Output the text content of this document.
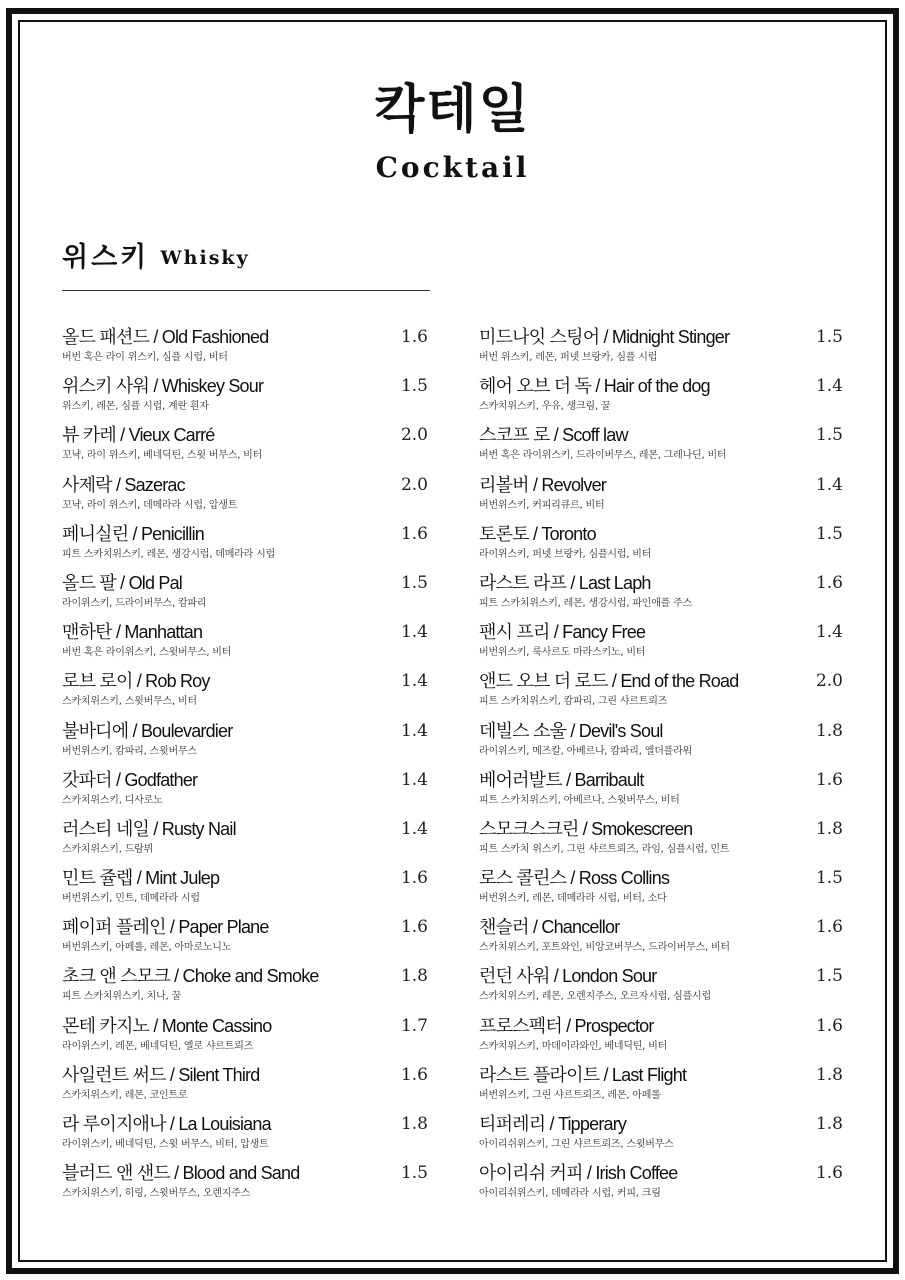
칵테일
Cocktail
위스키 Whisky
올드 패션드 / Old Fashioned	1.6
버번 혹은 라이 위스키, 심플 시럽, 비터
위스키 사워 / Whiskey Sour	1.5
위스키, 레몬, 심플 시럽, 계란 흰자
뷰 카레 / Vieux Carré	2.0
꼬냑, 라이 위스키, 베네딕틴, 스윗 버무스, 비터
사제락 / Sazerac	2.0
꼬냑, 라이 위스키, 데메라라 시럽, 압생트
페니실린 / Penicillin	1.6
피트 스카치위스키, 레몬, 생강시럽, 데메라라 시럽
올드 팔 / Old Pal	1.5
라이위스키, 드라이버무스, 캄파리
맨하탄 / Manhattan	1.4
버번 혹은 라이위스키, 스윗버무스, 비터
로브 로이 / Rob Roy	1.4
스카치위스키, 스윗버무스, 비터
불바디에 / Boulevardier	1.4
버번위스키, 캄파리, 스윗버무스
갓파더 / Godfather	1.4
스카치위스키, 디사로노
러스티 네일 / Rusty Nail	1.4
스카치위스키, 드람뷔
민트 쥴렙 / Mint Julep	1.6
버번위스키, 민트, 데메라라 시럽
페이퍼 플레인 / Paper Plane	1.6
버번위스키, 아페롤, 레몬, 아마로노니노
초크 앤 스모크 / Choke and Smoke	1.8
피트 스카치위스키, 치나, 꿀
몬테 카지노 / Monte Cassino	1.7
라이위스키, 레몬, 베네딕틴, 옐로 샤르트뢰즈
사일런트 써드 / Silent Third	1.6
스카치위스키, 레몬, 코인트로
라 루이지애나 / La Louisiana	1.8
라이위스키, 베네딕틴, 스윗 버무스, 비터, 압생트
블러드 앤 샌드 / Blood and Sand	1.5
스카치위스키, 히링, 스윗버무스, 오렌지주스
미드나잇 스팅어 / Midnight Stinger	1.5
버번 위스키, 레몬, 퍼넷 브랑카, 심플 시럽
헤어 오브 더 독 / Hair of the dog	1.4
스카치위스키, 우유, 생크림, 꿀
스코프 로 / Scoff law	1.5
버번 혹은 라이위스키, 드라이버무스, 레몬, 그레나딘, 비터
리볼버 / Revolver	1.4
버번위스키, 커피리큐르, 비터
토론토 / Toronto	1.5
라이위스키, 퍼넷 브랑카, 심플시럽, 비터
라스트 라프 / Last Laph	1.6
피트 스카치위스키, 레몬, 생강시럽, 파인애플 주스
팬시 프리 / Fancy Free	1.4
버번위스키, 룩사르도 마라스키노, 비터
앤드 오브 더 로드 / End of the Road	2.0
피트 스카치위스키, 캄파리, 그린 샤르트뢰즈
데빌스 소울 / Devil's Soul	1.8
라이위스키, 메즈칼, 아베르나, 캄파리, 엘더플라워
베어러발트 / Barribault	1.6
피트 스카치위스키, 아베르나, 스윗버무스, 비터
스모크스크린 / Smokescreen	1.8
피트 스카치 위스키, 그린 샤르트뢰즈, 라임, 심플시럽, 민트
로스 콜린스 / Ross Collins	1.5
버번위스키, 레몬, 데메라라 시럽, 비터, 소다
챈슬러 / Chancellor	1.6
스카치위스키, 포트와인, 비앙코버무스, 드라이버무스, 비터
런던 사워 / London Sour	1.5
스카치위스키, 레몬, 오렌지주스, 오르자시럽, 심플시럽
프로스펙터 / Prospector	1.6
스카치위스키, 마데이라와인, 베네딕틴, 비터
라스트 플라이트 / Last Flight	1.8
버번위스키, 그린 샤르트뢰즈, 레몬, 아페롤
티퍼레리 / Tipperary	1.8
아이리쉬위스키, 그린 샤르트뢰즈, 스윗버무스
아이리쉬 커피 / Irish Coffee	1.6
아이리쉬위스키, 데메라라 시럽, 커피, 크림
